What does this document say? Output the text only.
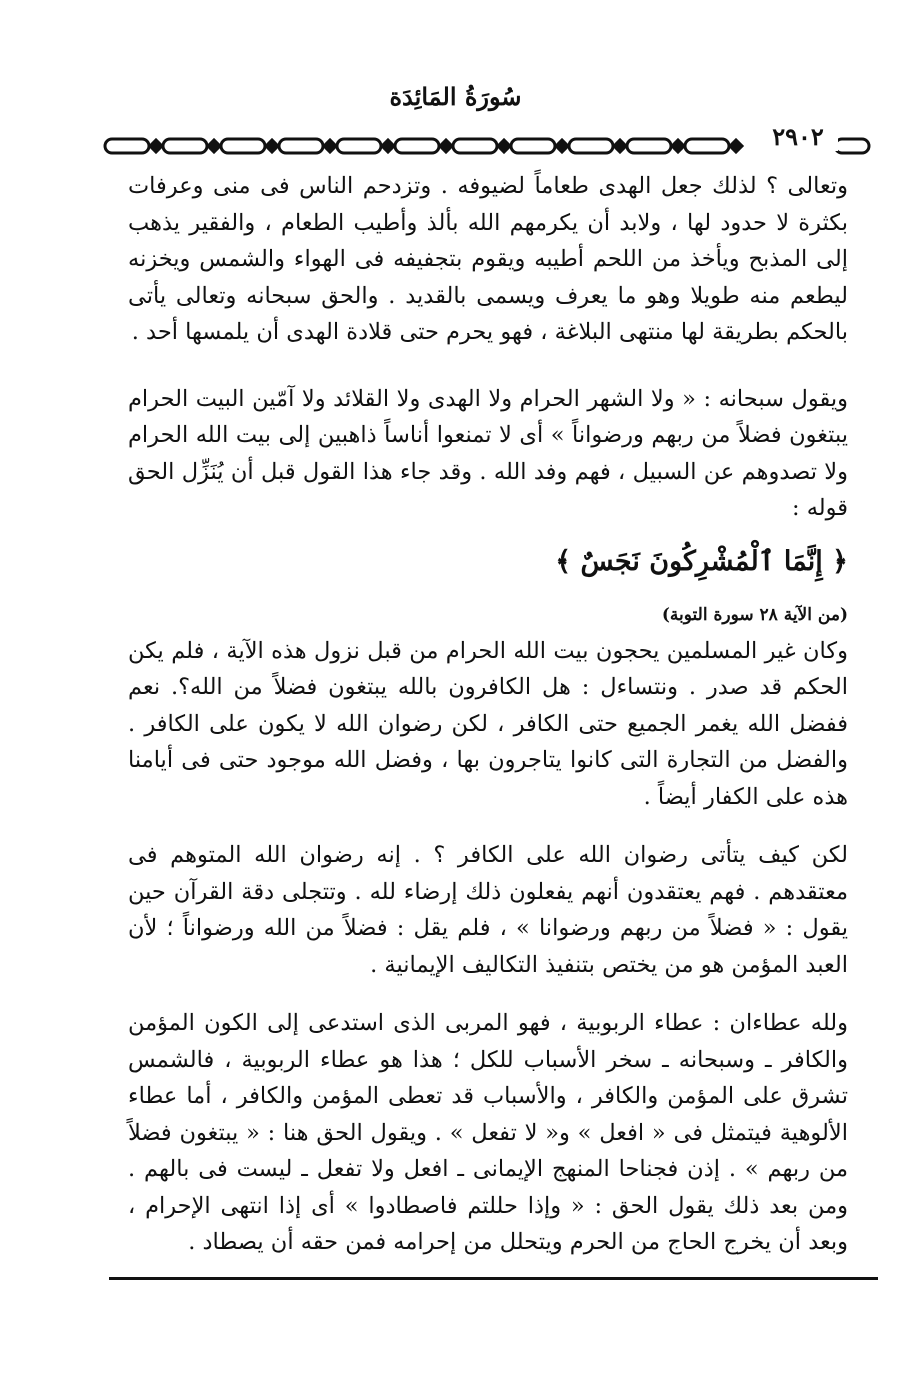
سُورَةُ المَائِدَة
٢٩٠٢

وتعالى ؟ لذلك جعل الهدى طعاماً لضيوفه . وتزدحم الناس فى منى وعرفات بكثرة لا حدود لها ، ولابد أن يكرمهم الله بألذ وأطيب الطعام ، والفقير يذهب إلى المذبح ويأخذ من اللحم أطيبه ويقوم بتجفيفه فى الهواء والشمس ويخزنه ليطعم منه طويلا وهو ما يعرف ويسمى بالقديد . والحق سبحانه وتعالى يأتى بالحكم بطريقة لها منتهى البلاغة ، فهو يحرم حتى قلادة الهدى أن يلمسها أحد .

ويقول سبحانه : « ولا الشهر الحرام ولا الهدى ولا القلائد ولا آمّين البيت الحرام يبتغون فضلاً من ربهم ورضواناً » أى لا تمنعوا أناساً ذاهبين إلى بيت الله الحرام ولا تصدوهم عن السبيل ، فهم وفد الله . وقد جاء هذا القول قبل أن يُنَزِّل الحق قوله :

﴿ إِنَّمَا ٱلْمُشْرِكُونَ نَجَسٌ ﴾
(من الآية ٢٨ سورة التوبة)

وكان غير المسلمين يحجون بيت الله الحرام من قبل نزول هذه الآية ، فلم يكن الحكم قد صدر . ونتساءل : هل الكافرون بالله يبتغون فضلاً من الله؟. نعم ففضل الله يغمر الجميع حتى الكافر ، لكن رضوان الله لا يكون على الكافر . والفضل من التجارة التى كانوا يتاجرون بها ، وفضل الله موجود حتى فى أيامنا هذه على الكفار أيضاً .

لكن كيف يتأتى رضوان الله على الكافر ؟ . إنه رضوان الله المتوهم فى معتقدهم . فهم يعتقدون أنهم يفعلون ذلك إرضاء لله . وتتجلى دقة القرآن حين يقول : « فضلاً من ربهم ورضوانا » ، فلم يقل : فضلاً من الله ورضواناً ؛ لأن العبد المؤمن هو من يختص بتنفيذ التكاليف الإيمانية .

ولله عطاءان : عطاء الربوبية ، فهو المربى الذى استدعى إلى الكون المؤمن والكافر ـ وسبحانه ـ سخر الأسباب للكل ؛ هذا هو عطاء الربوبية ، فالشمس تشرق على المؤمن والكافر ، والأسباب قد تعطى المؤمن والكافر ، أما عطاء الألوهية فيتمثل فى « افعل » و« لا تفعل » . ويقول الحق هنا : « يبتغون فضلاً من ربهم » . إذن فجناحا المنهج الإيمانى ـ افعل ولا تفعل ـ ليست فى بالهم . ومن بعد ذلك يقول الحق : « وإذا حللتم فاصطادوا » أى إذا انتهى الإحرام ، وبعد أن يخرج الحاج من الحرم ويتحلل من إحرامه فمن حقه أن يصطاد .
